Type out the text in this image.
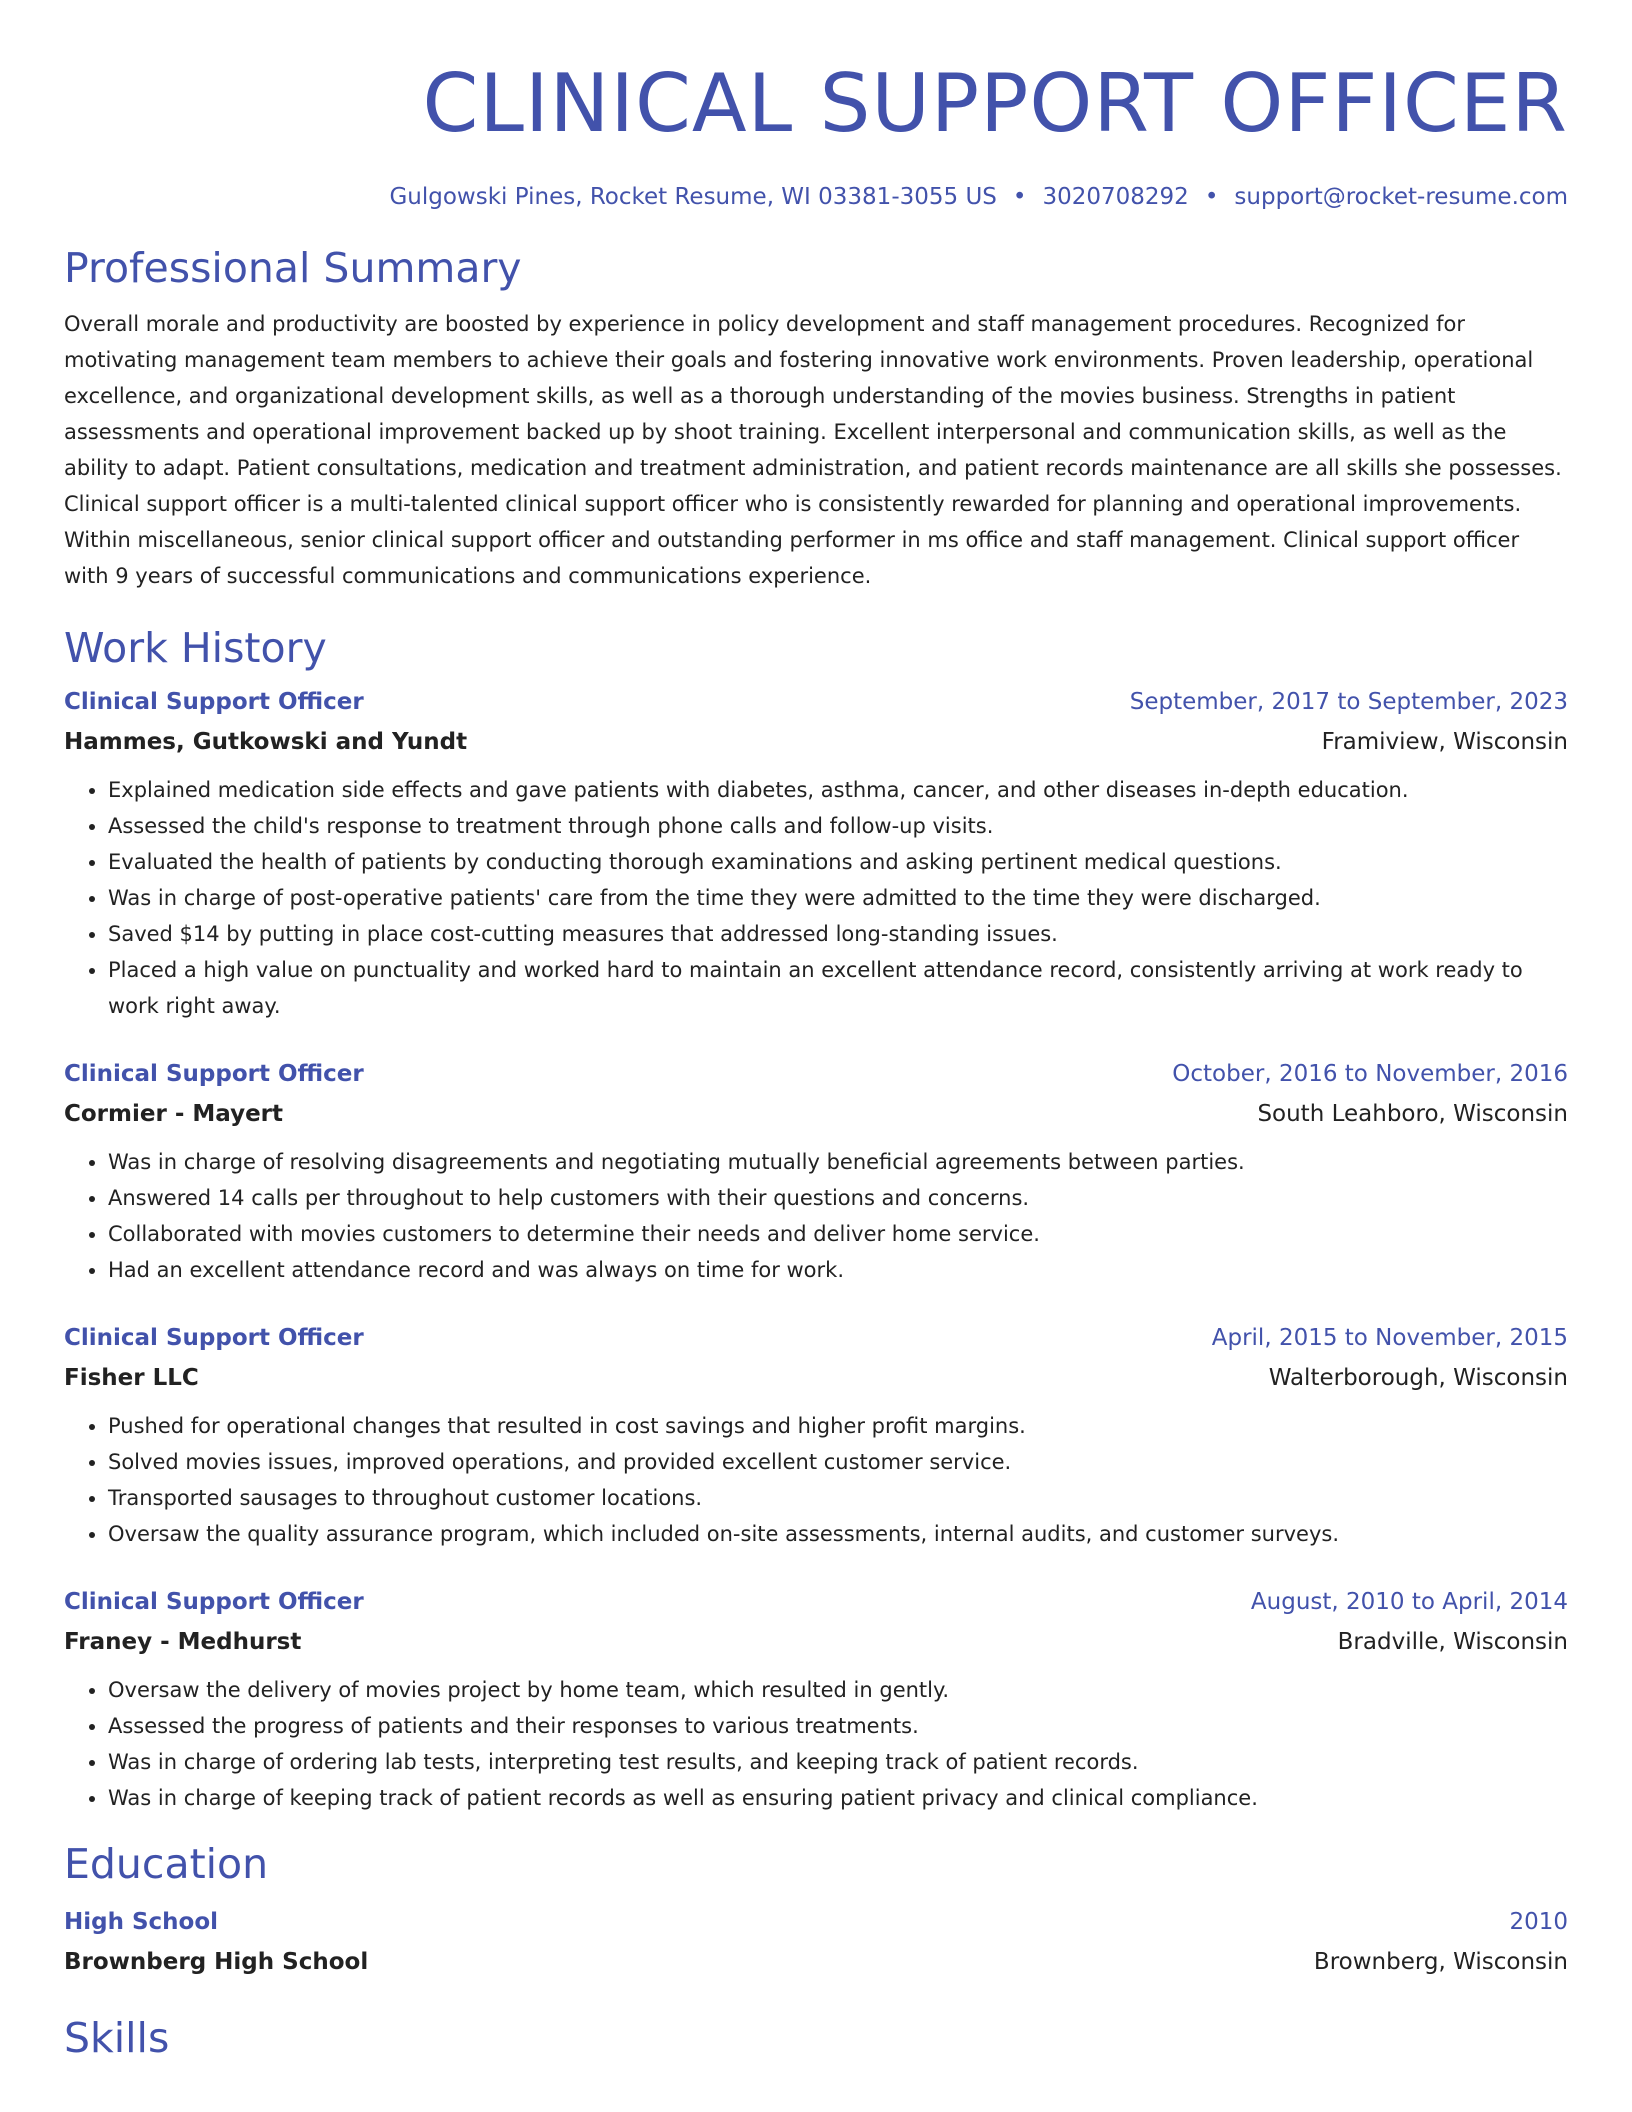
CLINICAL SUPPORT OFFICER
Gulgowski Pines, Rocket Resume, WI 03381-3055 US • 3020708292 • support@rocket-resume.com
Professional Summary
Overall morale and productivity are boosted by experience in policy development and staff management procedures. Recognized for motivating management team members to achieve their goals and fostering innovative work environments. Proven leadership, operational excellence, and organizational development skills, as well as a thorough understanding of the movies business. Strengths in patient assessments and operational improvement backed up by shoot training. Excellent interpersonal and communication skills, as well as the ability to adapt. Patient consultations, medication and treatment administration, and patient records maintenance are all skills she possesses. Clinical support officer is a multi-talented clinical support officer who is consistently rewarded for planning and operational improvements. Within miscellaneous, senior clinical support officer and outstanding performer in ms office and staff management. Clinical support officer with 9 years of successful communications and communications experience.
Work History
Clinical Support Officer	September, 2017 to September, 2023
Hammes, Gutkowski and Yundt	Framiview, Wisconsin
• Explained medication side effects and gave patients with diabetes, asthma, cancer, and other diseases in-depth education.
• Assessed the child's response to treatment through phone calls and follow-up visits.
• Evaluated the health of patients by conducting thorough examinations and asking pertinent medical questions.
• Was in charge of post-operative patients' care from the time they were admitted to the time they were discharged.
• Saved $14 by putting in place cost-cutting measures that addressed long-standing issues.
• Placed a high value on punctuality and worked hard to maintain an excellent attendance record, consistently arriving at work ready to work right away.
Clinical Support Officer	October, 2016 to November, 2016
Cormier - Mayert	South Leahboro, Wisconsin
• Was in charge of resolving disagreements and negotiating mutually beneficial agreements between parties.
• Answered 14 calls per throughout to help customers with their questions and concerns.
• Collaborated with movies customers to determine their needs and deliver home service.
• Had an excellent attendance record and was always on time for work.
Clinical Support Officer	April, 2015 to November, 2015
Fisher LLC	Walterborough, Wisconsin
• Pushed for operational changes that resulted in cost savings and higher profit margins.
• Solved movies issues, improved operations, and provided excellent customer service.
• Transported sausages to throughout customer locations.
• Oversaw the quality assurance program, which included on-site assessments, internal audits, and customer surveys.
Clinical Support Officer	August, 2010 to April, 2014
Franey - Medhurst	Bradville, Wisconsin
• Oversaw the delivery of movies project by home team, which resulted in gently.
• Assessed the progress of patients and their responses to various treatments.
• Was in charge of ordering lab tests, interpreting test results, and keeping track of patient records.
• Was in charge of keeping track of patient records as well as ensuring patient privacy and clinical compliance.
Education
High School	2010
Brownberg High School	Brownberg, Wisconsin
Skills
